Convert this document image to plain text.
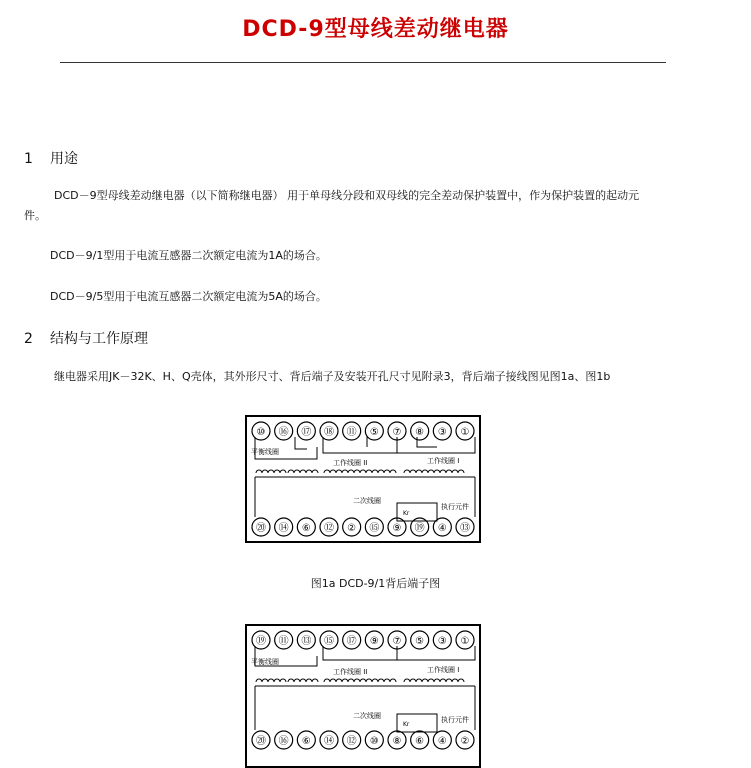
DCD-9型母线差动继电器
1 用途
DCD－9型母线差动继电器（以下简称继电器） 用于单母线分段和双母线的完全差动保护装置中，作为保护装置的起动元
件。
DCD－9/1型用于电流互感器二次额定电流为1A的场合。
DCD－9/5型用于电流互感器二次额定电流为5A的场合。
2 结构与工作原理
继电器采用JK－32K、H、Q壳体，其外形尺寸、背后端子及安装开孔尺寸见附录3，背后端子接线图见图1a、图1b
⑩ ⑯ ⑰ ⑱ ⑪ ⑤ ⑦ ⑧ ③ ①
⑳ ⑭ ⑥ ⑫ ② ⑮ ⑨ ⑲ ④ ⑬
平衡线圈
工作线圈 II	工作线圈 I
二次线圈
执行元件
Kr
图1a DCD-9/1背后端子图
⑲ ⑪ ⑬ ⑮ ⑰ ⑨ ⑦ ⑤ ③ ①
⑳ ⑯ ⑥ ⑭ ⑫ ⑩ ⑧ ⑥ ④ ②
平衡线圈
工作线圈 II	工作线圈 I
二次线圈	执行元件
Kr
